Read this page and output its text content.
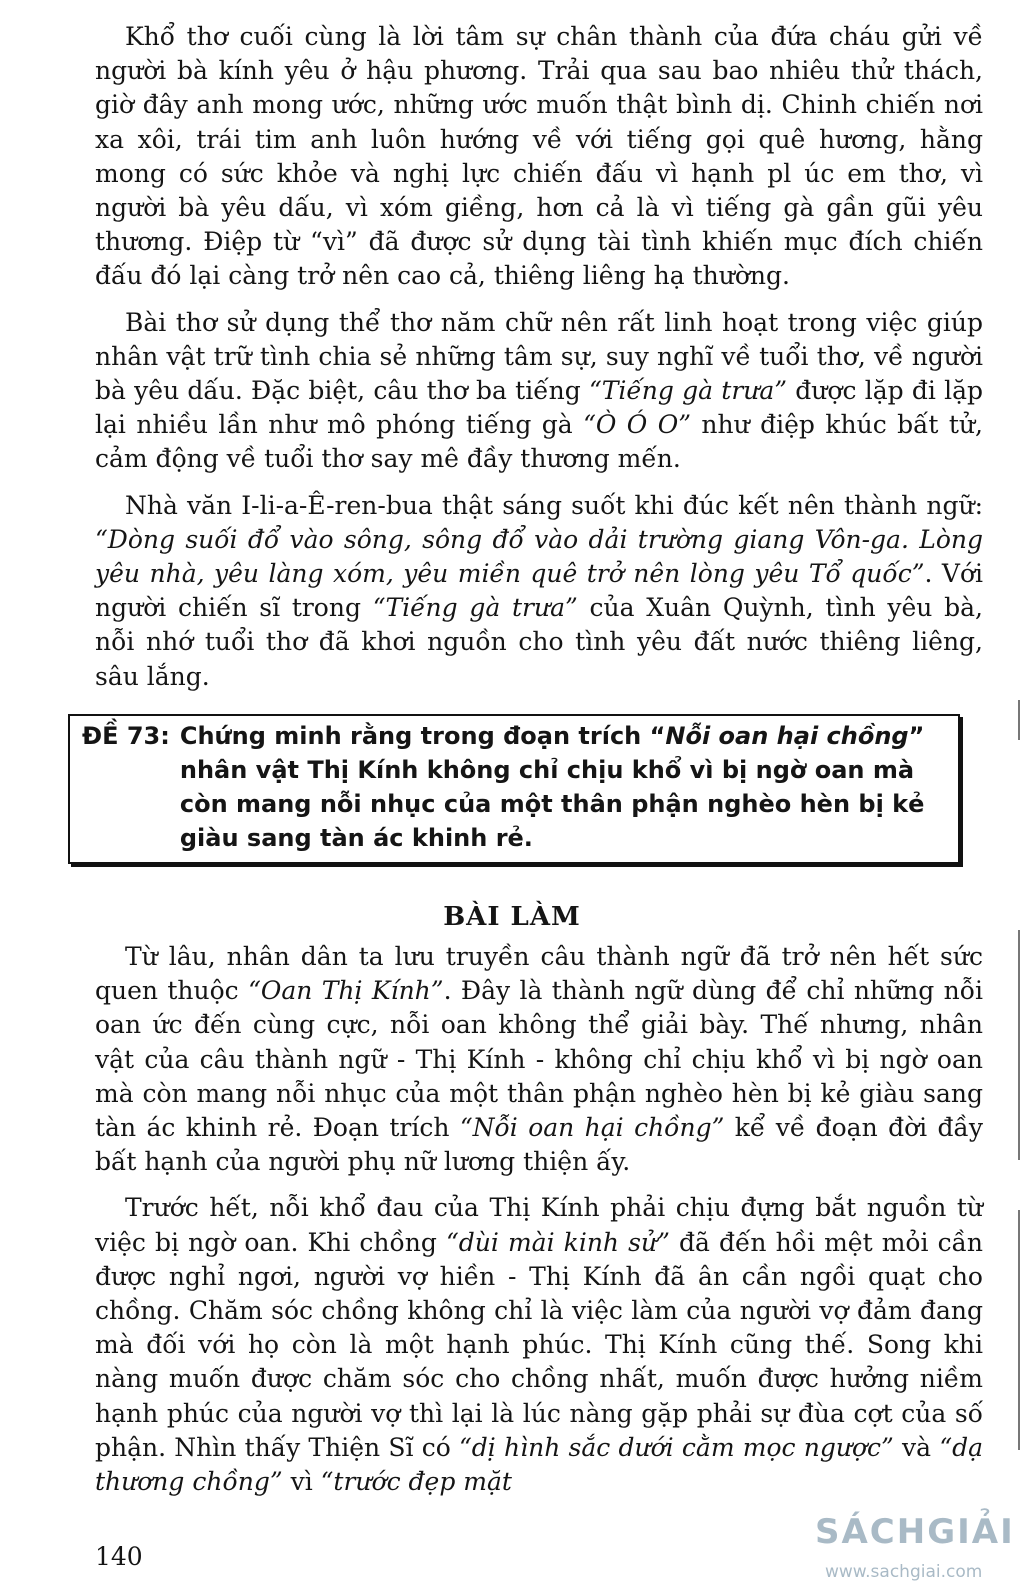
Khổ thơ cuối cùng là lời tâm sự chân thành của đứa cháu gửi về người bà kính yêu ở hậu phương. Trải qua sau bao nhiêu thử thách, giờ đây anh mong ước, những ước muốn thật bình dị. Chinh chiến nơi xa xôi, trái tim anh luôn hướng về với tiếng gọi quê hương, hằng mong có sức khỏe và nghị lực chiến đấu vì hạnh pl úc em thơ, vì người bà yêu dấu, vì xóm giềng, hơn cả là vì tiếng gà gần gũi yêu thương. Điệp từ “vì” đã được sử dụng tài tình khiến mục đích chiến đấu đó lại càng trở nên cao cả, thiêng liêng hạ thường.

Bài thơ sử dụng thể thơ năm chữ nên rất linh hoạt trong việc giúp nhân vật trữ tình chia sẻ những tâm sự, suy nghĩ về tuổi thơ, về người bà yêu dấu. Đặc biệt, câu thơ ba tiếng “Tiếng gà trưa” được lặp đi lặp lại nhiều lần như mô phóng tiếng gà “Ò Ó O” như điệp khúc bất tử, cảm động về tuổi thơ say mê đầy thương mến.

Nhà văn I-li-a-Ê-ren-bua thật sáng suốt khi đúc kết nên thành ngữ: “Dòng suối đổ vào sông, sông đổ vào dải trường giang Vôn-ga. Lòng yêu nhà, yêu làng xóm, yêu miền quê trở nên lòng yêu Tổ quốc”. Với người chiến sĩ trong “Tiếng gà trưa” của Xuân Quỳnh, tình yêu bà, nỗi nhớ tuổi thơ đã khơi nguồn cho tình yêu đất nước thiêng liêng, sâu lắng.

ĐỀ 73: Chứng minh rằng trong đoạn trích “Nỗi oan hại chồng” nhân vật Thị Kính không chỉ chịu khổ vì bị ngờ oan mà còn mang nỗi nhục của một thân phận nghèo hèn bị kẻ giàu sang tàn ác khinh rẻ.
BÀI LÀM

Từ lâu, nhân dân ta lưu truyền câu thành ngữ đã trở nên hết sức quen thuộc “Oan Thị Kính”. Đây là thành ngữ dùng để chỉ những nỗi oan ức đến cùng cực, nỗi oan không thể giải bày. Thế nhưng, nhân vật của câu thành ngữ - Thị Kính - không chỉ chịu khổ vì bị ngờ oan mà còn mang nỗi nhục của một thân phận nghèo hèn bị kẻ giàu sang tàn ác khinh rẻ. Đoạn trích “Nỗi oan hại chồng” kể về đoạn đời đầy bất hạnh của người phụ nữ lương thiện ấy.

Trước hết, nỗi khổ đau của Thị Kính phải chịu đựng bắt nguồn từ việc bị ngờ oan. Khi chồng “dùi mài kinh sử” đã đến hồi mệt mỏi cần được nghỉ ngơi, người vợ hiền - Thị Kính đã ân cần ngồi quạt cho chồng. Chăm sóc chồng không chỉ là việc làm của người vợ đảm đang mà đối với họ còn là một hạnh phúc. Thị Kính cũng thế. Song khi nàng muốn được chăm sóc cho chồng nhất, muốn được hưởng niềm hạnh phúc của người vợ thì lại là lúc nàng gặp phải sự đùa cợt của số phận. Nhìn thấy Thiện Sĩ có “dị hình sắc dưới cằm mọc ngược” và “dạ thương chồng” vì “trước đẹp mặt

140
SÁCHGIẢI
www.sachgiai.com
